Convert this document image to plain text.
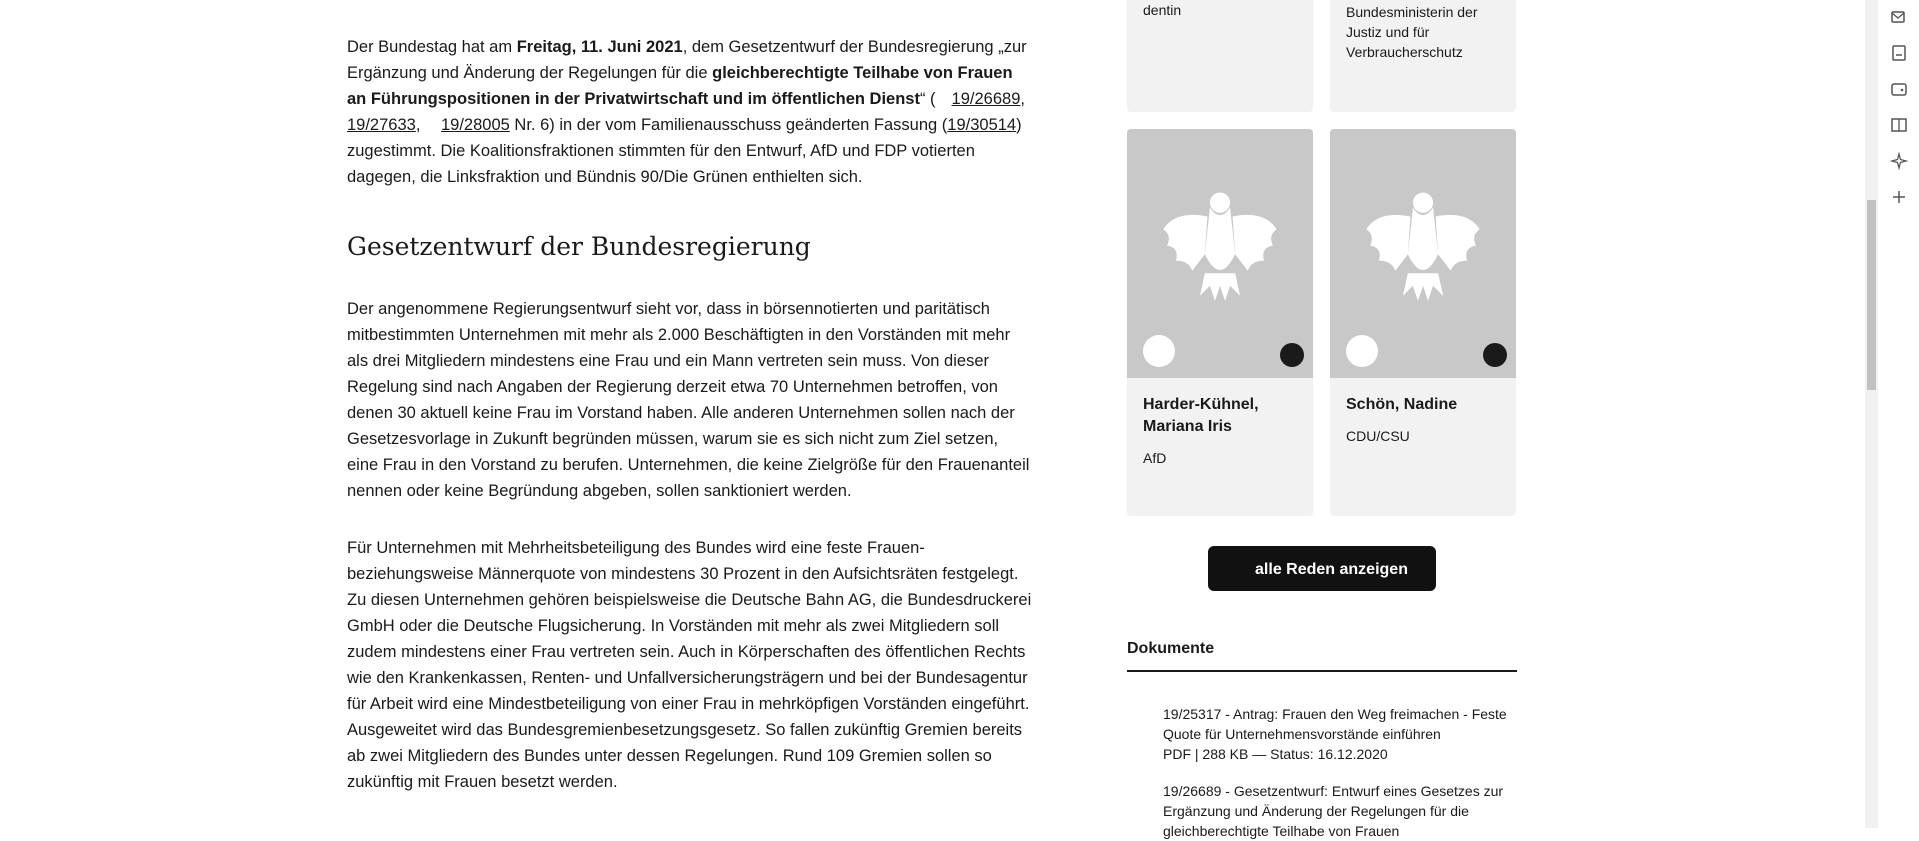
Der Bundestag hat am Freitag, 11. Juni 2021, dem Gesetzentwurf der Bundesregierung „zur Ergänzung und Änderung der Regelungen für die gleichberechtigte Teilhabe von Frauen an Führungspositionen in der Privatwirtschaft und im öffentlichen Dienst“ ( 19/26689, 19/27633, 19/28005 Nr. 6) in der vom Familienausschuss geänderten Fassung (19/30514) zugestimmt. Die Koalitionsfraktionen stimmten für den Entwurf, AfD und FDP votierten dagegen, die Linksfraktion und Bündnis 90/Die Grünen enthielten sich.

Gesetzentwurf der Bundesregierung

Der angenommene Regierungsentwurf sieht vor, dass in börsennotierten und paritätisch mitbestimmten Unternehmen mit mehr als 2.000 Beschäftigten in den Vorständen mit mehr als drei Mitgliedern mindestens eine Frau und ein Mann vertreten sein muss. Von dieser Regelung sind nach Angaben der Regierung derzeit etwa 70 Unternehmen betroffen, von denen 30 aktuell keine Frau im Vorstand haben. Alle anderen Unternehmen sollen nach der Gesetzesvorlage in Zukunft begründen müssen, warum sie es sich nicht zum Ziel setzen, eine Frau in den Vorstand zu berufen. Unternehmen, die keine Zielgröße für den Frauenanteil nennen oder keine Begründung abgeben, sollen sanktioniert werden.

Für Unternehmen mit Mehrheitsbeteiligung des Bundes wird eine feste Frauen- beziehungsweise Männerquote von mindestens 30 Prozent in den Aufsichtsräten festgelegt. Zu diesen Unternehmen gehören beispielsweise die Deutsche Bahn AG, die Bundesdruckerei GmbH oder die Deutsche Flugsicherung. In Vorständen mit mehr als zwei Mitgliedern soll zudem mindestens einer Frau vertreten sein. Auch in Körperschaften des öffentlichen Rechts wie den Krankenkassen, Renten- und Unfallversicherungsträgern und bei der Bundesagentur für Arbeit wird eine Mindestbeteiligung von einer Frau in mehrköpfigen Vorständen eingeführt. Ausgeweitet wird das Bundesgremienbesetzungsgesetz. So fallen zukünftig Gremien bereits ab zwei Mitgliedern des Bundes unter dessen Regelungen. Rund 109 Gremien sollen so zukünftig mit Frauen besetzt werden.

dentin	Bundesministerin der Justiz und für Verbraucherschutz
Harder-Kühnel, Mariana Iris
AfD
Schön, Nadine
CDU/CSU
alle Reden anzeigen
Dokumente
19/25317 - Antrag: Frauen den Weg freimachen - Feste Quote für Unternehmensvorstände einführen
PDF | 288 KB — Status: 16.12.2020
19/26689 - Gesetzentwurf: Entwurf eines Gesetzes zur Ergänzung und Änderung der Regelungen für die gleichberechtigte Teilhabe von Frauen
